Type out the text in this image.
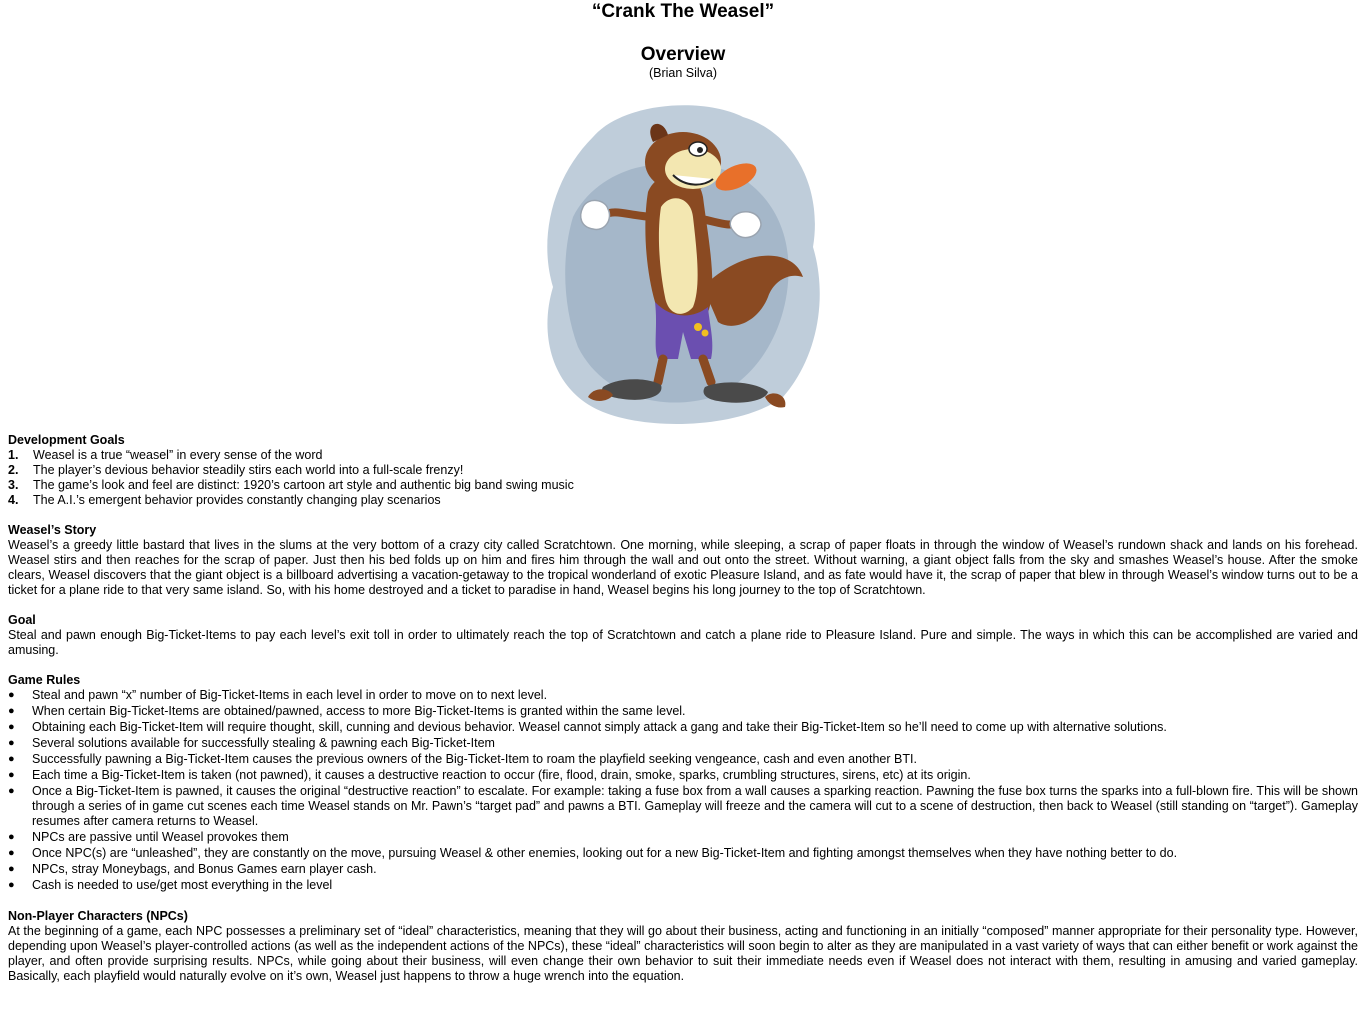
“Crank The Weasel”
Overview

(Brian Silva)

Development Goals

1.	Weasel is a true “weasel” in every sense of the word
2.	The player’s devious behavior steadily stirs each world into a full-scale frenzy!
3.	The game’s look and feel are distinct: 1920’s cartoon art style and authentic big band swing music
4.	The A.I.’s emergent behavior provides constantly changing play scenarios

Weasel’s Story

Weasel’s a greedy little bastard that lives in the slums at the very bottom of a crazy city called Scratchtown. One morning, while sleeping, a scrap of paper floats in through the window of Weasel’s rundown shack and lands on his forehead. Weasel stirs and then reaches for the scrap of paper. Just then his bed folds up on him and fires him through the wall and out onto the street. Without warning, a giant object falls from the sky and smashes Weasel’s house. After the smoke clears, Weasel discovers that the giant object is a billboard advertising a vacation-getaway to the tropical wonderland of exotic Pleasure Island, and as fate would have it, the scrap of paper that blew in through Weasel’s window turns out to be a ticket for a plane ride to that very same island. So, with his home destroyed and a ticket to paradise in hand, Weasel begins his long journey to the top of Scratchtown.

Goal

Steal and pawn enough Big-Ticket-Items to pay each level’s exit toll in order to ultimately reach the top of Scratchtown and catch a plane ride to Pleasure Island. Pure and simple. The ways in which this can be accomplished are varied and amusing.

Game Rules

●	Steal and pawn “x” number of Big-Ticket-Items in each level in order to move on to next level.
●	When certain Big-Ticket-Items are obtained/pawned, access to more Big-Ticket-Items is granted within the same level.
●	Obtaining each Big-Ticket-Item will require thought, skill, cunning and devious behavior. Weasel cannot simply attack a gang and take their Big-Ticket-Item so he’ll need to come up with alternative solutions.
●	Several solutions available for successfully stealing & pawning each Big-Ticket-Item
●	Successfully pawning a Big-Ticket-Item causes the previous owners of the Big-Ticket-Item to roam the playfield seeking vengeance, cash and even another BTI.
●	Each time a Big-Ticket-Item is taken (not pawned), it causes a destructive reaction to occur (fire, flood, drain, smoke, sparks, crumbling structures, sirens, etc) at its origin.
●	Once a Big-Ticket-Item is pawned, it causes the original “destructive reaction” to escalate. For example: taking a fuse box from a wall causes a sparking reaction. Pawning the fuse box turns the sparks into a full-blown fire. This will be shown through a series of in game cut scenes each time Weasel stands on Mr. Pawn’s “target pad” and pawns a BTI. Gameplay will freeze and the camera will cut to a scene of destruction, then back to Weasel (still standing on “target”). Gameplay resumes after camera returns to Weasel.
●	NPCs are passive until Weasel provokes them
●	Once NPC(s) are “unleashed”, they are constantly on the move, pursuing Weasel & other enemies, looking out for a new Big-Ticket-Item and fighting amongst themselves when they have nothing better to do.
●	NPCs, stray Moneybags, and Bonus Games earn player cash.
●	Cash is needed to use/get most everything in the level

Non-Player Characters (NPCs)

At the beginning of a game, each NPC possesses a preliminary set of “ideal” characteristics, meaning that they will go about their business, acting and functioning in an initially “composed” manner appropriate for their personality type. However, depending upon Weasel’s player-controlled actions (as well as the independent actions of the NPCs), these “ideal” characteristics will soon begin to alter as they are manipulated in a vast variety of ways that can either benefit or work against the player, and often provide surprising results. NPCs, while going about their business, will even change their own behavior to suit their immediate needs even if Weasel does not interact with them, resulting in amusing and varied gameplay. Basically, each playfield would naturally evolve on it’s own, Weasel just happens to throw a huge wrench into the equation.
